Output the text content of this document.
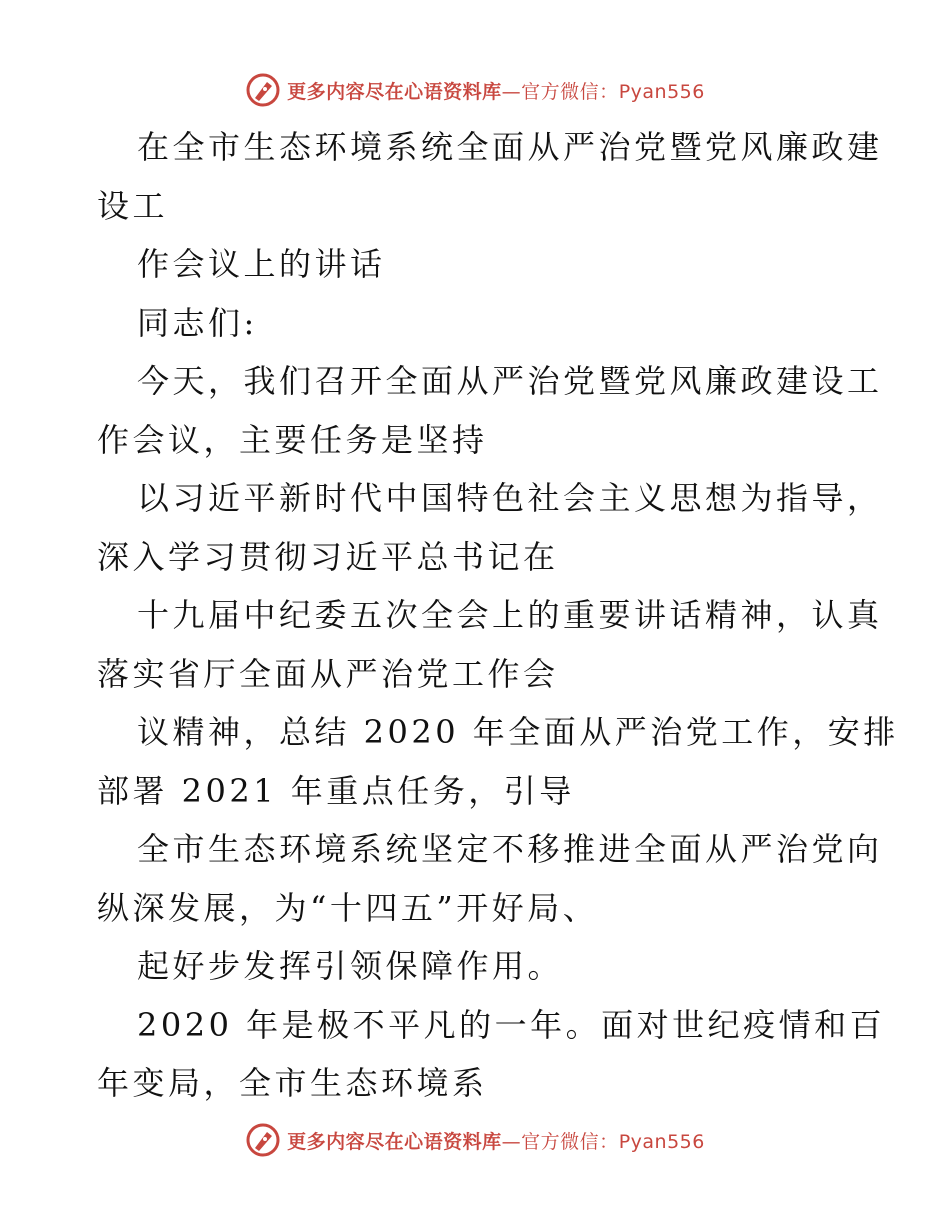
更多内容尽在心语资料库—官方微信：Pyan556
在全市生态环境系统全面从严治党暨党风廉政建
设工
作会议上的讲话
同志们:
今天，我们召开全面从严治党暨党风廉政建设工
作会议，主要任务是坚持
以习近平新时代中国特色社会主义思想为指导，
深入学习贯彻习近平总书记在
十九届中纪委五次全会上的重要讲话精神，认真
落实省厅全面从严治党工作会
议精神，总结 2020 年全面从严治党工作，安排
部署 2021 年重点任务，引导
全市生态环境系统坚定不移推进全面从严治党向
纵深发展，为“十四五”开好局、
起好步发挥引领保障作用。
2020 年是极不平凡的一年。面对世纪疫情和百
年变局，全市生态环境系
更多内容尽在心语资料库—官方微信：Pyan556
